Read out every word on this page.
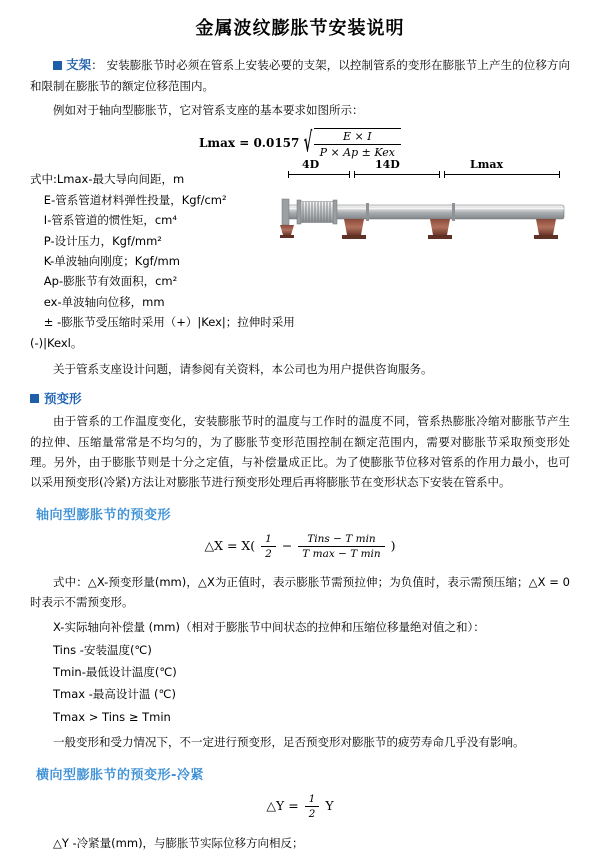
金属波纹膨胀节安装说明

支架： 安装膨胀节时必须在管系上安装必要的支架，以控制管系的变形在膨胀节上产生的位移方向和限制在膨胀节的额定位移范围内。

例如对于轴向型膨胀节，它对管系支座的基本要求如图所示：

Lmax = 0.0157 √ $\frac{E \times I}{\text{P × Ap ± Kex}}$

式中:Lmax-最大导向间距，m

E-管系管道材料弹性投量，Kgf/cm²

I-管系管道的惯性矩，cm⁴

P-设计压力，Kgf/mm²

K-单波轴向刚度；Kgf/mm

Ap-膨胀节有效面积，cm²

ex-单波轴向位移，mm

± -膨胀节受压缩时采用（+）|Kex|；拉伸时采用(-)|Kexl。

4D	14D	Lmax

关于管系支座设计问题，请参阅有关资料，本公司也为用户提供咨询服务。

预变形

由于管系的工作温度变化，安装膨胀节时的温度与工作时的温度不同，管系热膨胀冷缩对膨胀节产生的拉伸、压缩量常常是不均匀的，为了膨胀节变形范围控制在额定范围内，需要对膨胀节采取预变形处理。另外，由于膨胀节则是十分之定值，与补偿量成正比。为了使膨胀节位移对管系的作用力最小，也可以采用预变形(冷紧)方法让对膨胀节进行预变形处理后再将膨胀节在变形状态下安装在管系中。

轴向型膨胀节的预变形
△X = $X( \frac{1}{2} - \frac{\text{Tins − T min}}{\text{T max − T min}}$ )

式中：△X-预变形量(mm)，△X为正值时，表示膨胀节需预拉伸；为负值时，表示需预压缩；△X = 0时表示不需预变形。

X-实际轴向补偿量 (mm)（相对于膨胀节中间状态的拉伸和压缩位移量绝对值之和）：

Tins -安装温度(℃)

Tmin-最低设计温度(℃)

Tmax -最高设计温 (℃)

Tmax > Tins ≥ Tmin

一般变形和受力情况下，不一定进行预变形，足否预变形对膨胀节的疲劳寿命几乎没有影响。

横向型膨胀节的预变形-冷紧
△Y = $\frac{1}{2}$ Y

△Y -冷紧量(mm)，与膨胀节实际位移方向相反；
